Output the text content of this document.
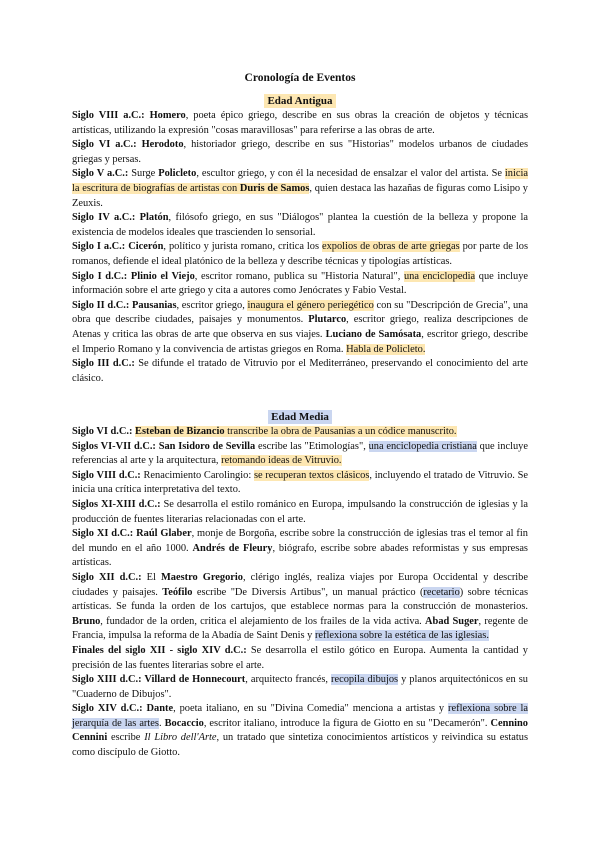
Cronología de Eventos
Edad Antigua

Siglo VIII a.C.: Homero, poeta épico griego, describe en sus obras la creación de objetos y técnicas artísticas, utilizando la expresión "cosas maravillosas" para referirse a las obras de arte.

Siglo VI a.C.: Herodoto, historiador griego, describe en sus "Historias" modelos urbanos de ciudades griegas y persas.

Siglo V a.C.: Surge Policleto, escultor griego, y con él la necesidad de ensalzar el valor del artista. Se inicia la escritura de biografías de artistas con Duris de Samos, quien destaca las hazañas de figuras como Lisipo y Zeuxis.

Siglo IV a.C.: Platón, filósofo griego, en sus "Diálogos" plantea la cuestión de la belleza y propone la existencia de modelos ideales que trascienden lo sensorial.

Siglo I a.C.: Cicerón, político y jurista romano, critica los expolios de obras de arte griegas por parte de los romanos, defiende el ideal platónico de la belleza y describe técnicas y tipologías artísticas.

Siglo I d.C.: Plinio el Viejo, escritor romano, publica su "Historia Natural", una enciclopedia que incluye información sobre el arte griego y cita a autores como Jenócrates y Fabio Vestal.

Siglo II d.C.: Pausanias, escritor griego, inaugura el género periegético con su "Descripción de Grecia", una obra que describe ciudades, paisajes y monumentos. Plutarco, escritor griego, realiza descripciones de Atenas y critica las obras de arte que observa en sus viajes. Luciano de Samósata, escritor griego, describe el Imperio Romano y la convivencia de artistas griegos en Roma. Habla de Policleto.

Siglo III d.C.: Se difunde el tratado de Vitruvio por el Mediterráneo, preservando el conocimiento del arte clásico.

Edad Media

Siglo VI d.C.: Esteban de Bizancio transcribe la obra de Pausanias a un códice manuscrito.

Siglos VI-VII d.C.: San Isidoro de Sevilla escribe las "Etimologías", una enciclopedia cristiana que incluye referencias al arte y la arquitectura, retomando ideas de Vitruvio.

Siglo VIII d.C.: Renacimiento Carolingio: se recuperan textos clásicos, incluyendo el tratado de Vitruvio. Se inicia una crítica interpretativa del texto.

Siglos XI-XIII d.C.: Se desarrolla el estilo románico en Europa, impulsando la construcción de iglesias y la producción de fuentes literarias relacionadas con el arte.

Siglo XI d.C.: Raúl Glaber, monje de Borgoña, escribe sobre la construcción de iglesias tras el temor al fin del mundo en el año 1000. Andrés de Fleury, biógrafo, escribe sobre abades reformistas y sus empresas artísticas.

Siglo XII d.C.: El Maestro Gregorio, clérigo inglés, realiza viajes por Europa Occidental y describe ciudades y paisajes. Teófilo escribe "De Diversis Artibus", un manual práctico (recetario) sobre técnicas artísticas. Se funda la orden de los cartujos, que establece normas para la construcción de monasterios. Bruno, fundador de la orden, critica el alejamiento de los frailes de la vida activa. Abad Suger, regente de Francia, impulsa la reforma de la Abadía de Saint Denis y reflexiona sobre la estética de las iglesias.

Finales del siglo XII - siglo XIV d.C.: Se desarrolla el estilo gótico en Europa. Aumenta la cantidad y precisión de las fuentes literarias sobre el arte.

Siglo XIII d.C.: Villard de Honnecourt, arquitecto francés, recopila dibujos y planos arquitectónicos en su "Cuaderno de Dibujos".

Siglo XIV d.C.: Dante, poeta italiano, en su "Divina Comedia" menciona a artistas y reflexiona sobre la jerarquía de las artes. Bocaccio, escritor italiano, introduce la figura de Giotto en su "Decamerón". Cennino Cennini escribe Il Libro dell'Arte, un tratado que sintetiza conocimientos artísticos y reivindica su estatus como discípulo de Giotto.
